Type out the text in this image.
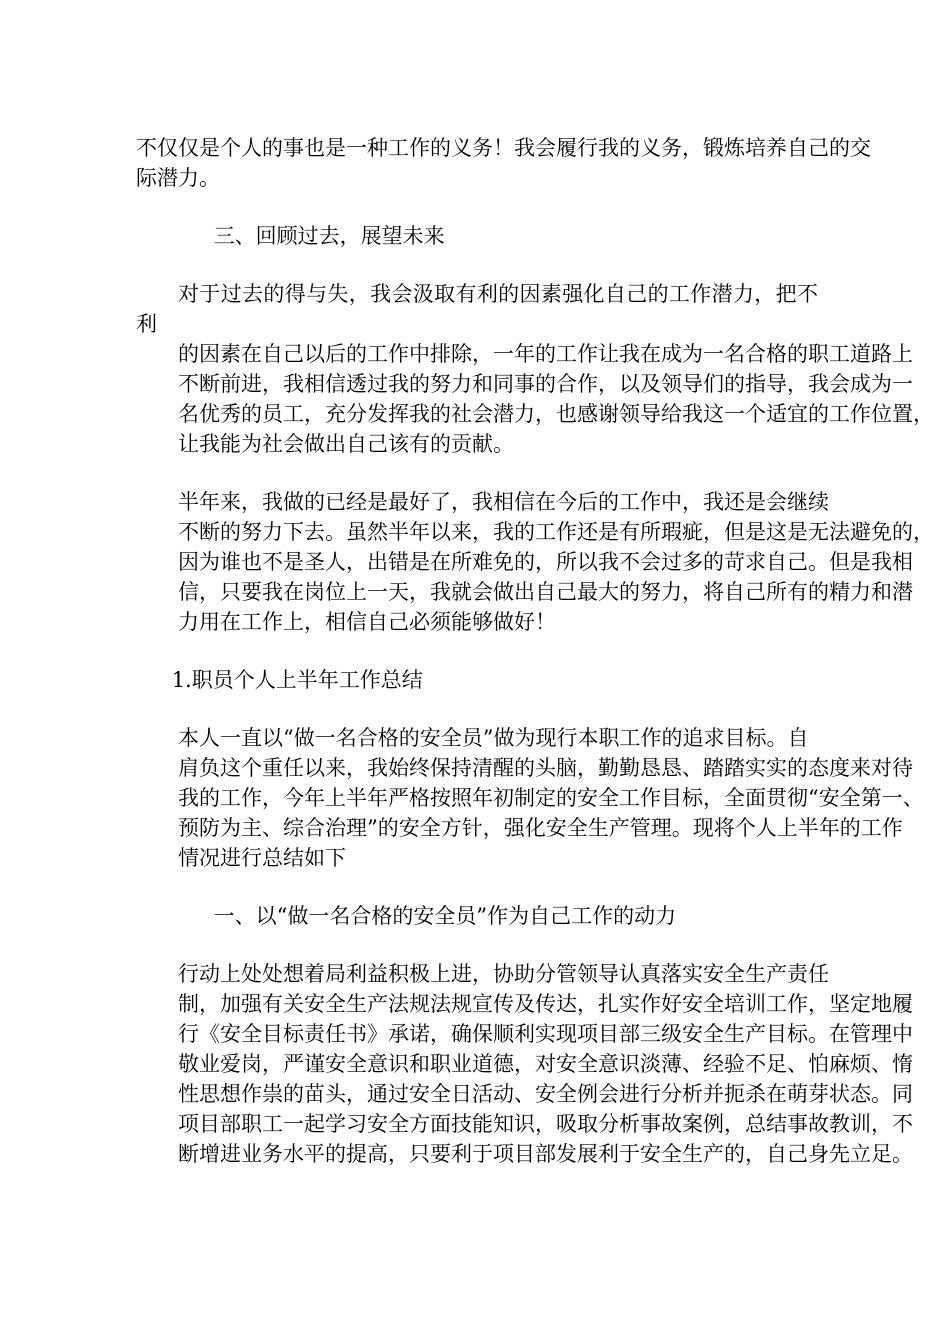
不仅仅是个人的事也是一种工作的义务！我会履行我的义务，锻炼培养自己的交
际潜力。

三、回顾过去，展望未来

对于过去的得与失，我会汲取有利的因素强化自己的工作潜力，把不利

的因素在自己以后的工作中排除，一年的工作让我在成为一名合格的职工道路上
不断前进，我相信透过我的努力和同事的合作，以及领导们的指导，我会成为一
名优秀的员工，充分发挥我的社会潜力，也感谢领导给我这一个适宜的工作位置，
让我能为社会做出自己该有的贡献。

半年来，我做的已经是最好了，我相信在今后的工作中，我还是会继续

不断的努力下去。虽然半年以来，我的工作还是有所瑕疵，但是这是无法避免的，
因为谁也不是圣人，出错是在所难免的，所以我不会过多的苛求自己。但是我相
信，只要我在岗位上一天，我就会做出自己最大的努力，将自己所有的精力和潜
力用在工作上，相信自己必须能够做好！

1.职员个人上半年工作总结

本人一直以“做一名合格的安全员”做为现行本职工作的追求目标。自

肩负这个重任以来，我始终保持清醒的头脑，勤勤恳恳、踏踏实实的态度来对待
我的工作，今年上半年严格按照年初制定的安全工作目标，全面贯彻“安全第一、
预防为主、综合治理”的安全方针，强化安全生产管理。现将个人上半年的工作
情况进行总结如下

一、以“做一名合格的安全员”作为自己工作的动力

行动上处处想着局利益积极上进，协助分管领导认真落实安全生产责任

制，加强有关安全生产法规法规宣传及传达，扎实作好安全培训工作，坚定地履
行《安全目标责任书》承诺，确保顺利实现项目部三级安全生产目标。在管理中
敬业爱岗，严谨安全意识和职业道德，对安全意识淡薄、经验不足、怕麻烦、惰
性思想作祟的苗头，通过安全日活动、安全例会进行分析并扼杀在萌芽状态。同
项目部职工一起学习安全方面技能知识，吸取分析事故案例，总结事故教训，不
断增进业务水平的提高，只要利于项目部发展利于安全生产的，自己身先立足。
